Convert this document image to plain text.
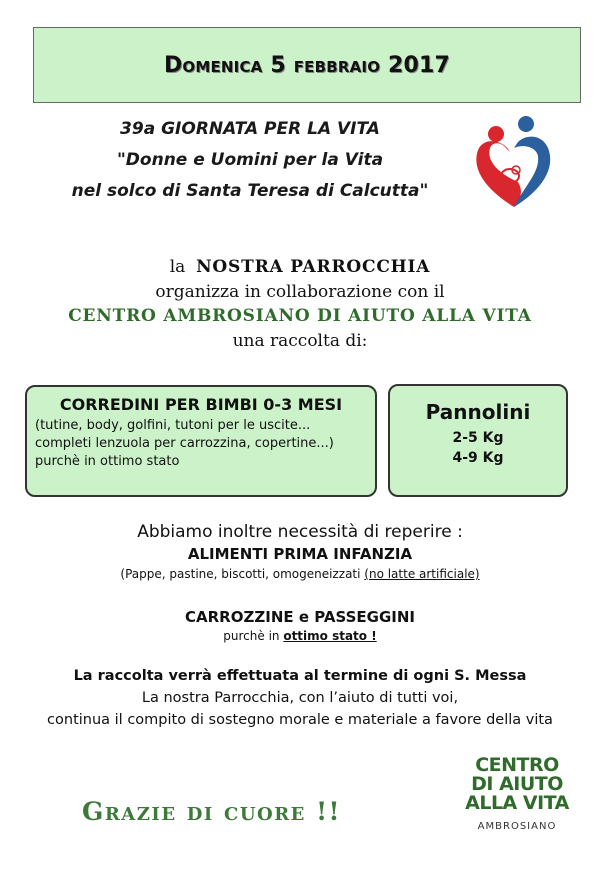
Domenica 5 febbraio 2017
39a GIORNATA PER LA VITA
"Donne e Uomini per la Vita
nel solco di Santa Teresa di Calcutta"
la NOSTRA PARROCCHIA
organizza in collaborazione con il
CENTRO AMBROSIANO DI AIUTO ALLA VITA
una raccolta di:
CORREDINI PER BIMBI 0-3 MESI
(tutine, body, golfini, tutoni per le uscite...
completi lenzuola per carrozzina, copertine...)
purchè in ottimo stato
Pannolini
2-5 Kg
4-9 Kg
Abbiamo inoltre necessità di reperire :
ALIMENTI PRIMA INFANZIA
(Pappe, pastine, biscotti, omogeneizzati (no latte artificiale)
CARROZZINE e PASSEGGINI
purchè in ottimo stato !
La raccolta verrà effettuata al termine di ogni S. Messa
La nostra Parrocchia, con l’aiuto di tutti voi,
continua il compito di sostegno morale e materiale a favore della vita
Grazie di cuore !!
CENTRO
DI AIUTO
ALLA VITA
AMBROSIANO
